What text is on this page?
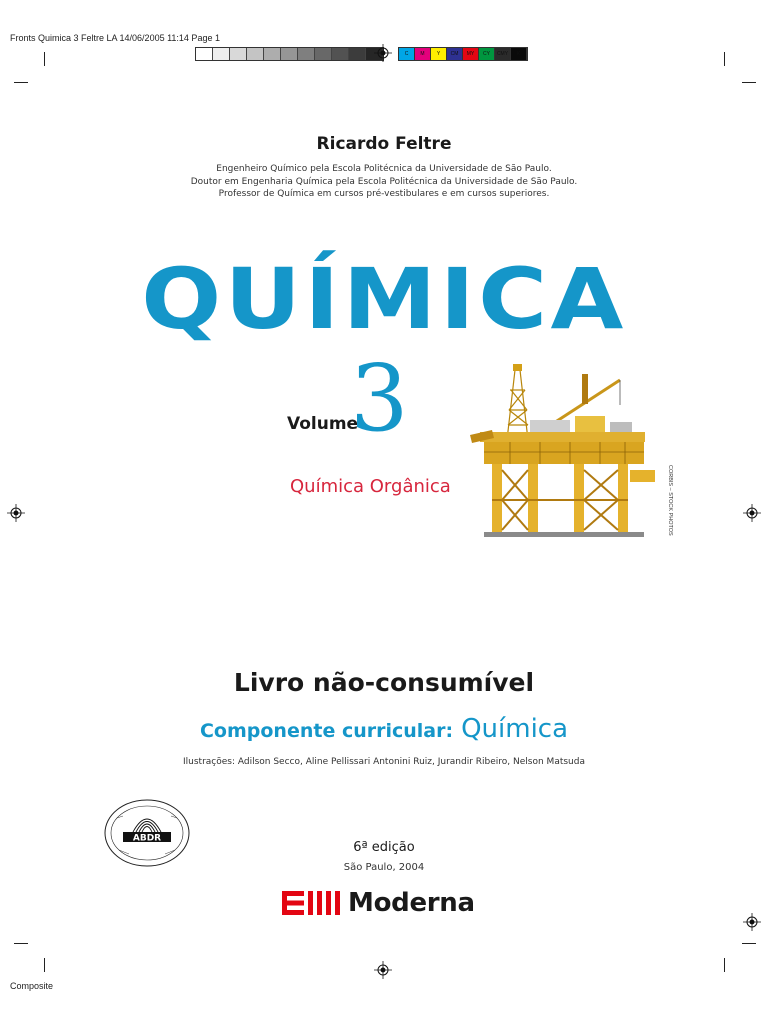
Fronts Quimica 3 Feltre LA 14/06/2005 11:14 Page 1
C	M	Y	CM	MY	CY	CMY	K
Ricardo Feltre
Engenheiro Químico pela Escola Politécnica da Universidade de São Paulo.
Doutor em Engenharia Química pela Escola Politécnica da Universidade de São Paulo.
Professor de Química em cursos pré-vestibulares e em cursos superiores.
QUÍMICA
Volume
3
Química Orgânica	CORBIS – STOCK PHOTOS
Livro não-consumível
Componente curricular: Química
Ilustrações: Adilson Secco, Aline Pellissari Antonini Ruiz, Jurandir Ribeiro, Nelson Matsuda
ABDR
6ª edição
São Paulo, 2004
Moderna
Composite
